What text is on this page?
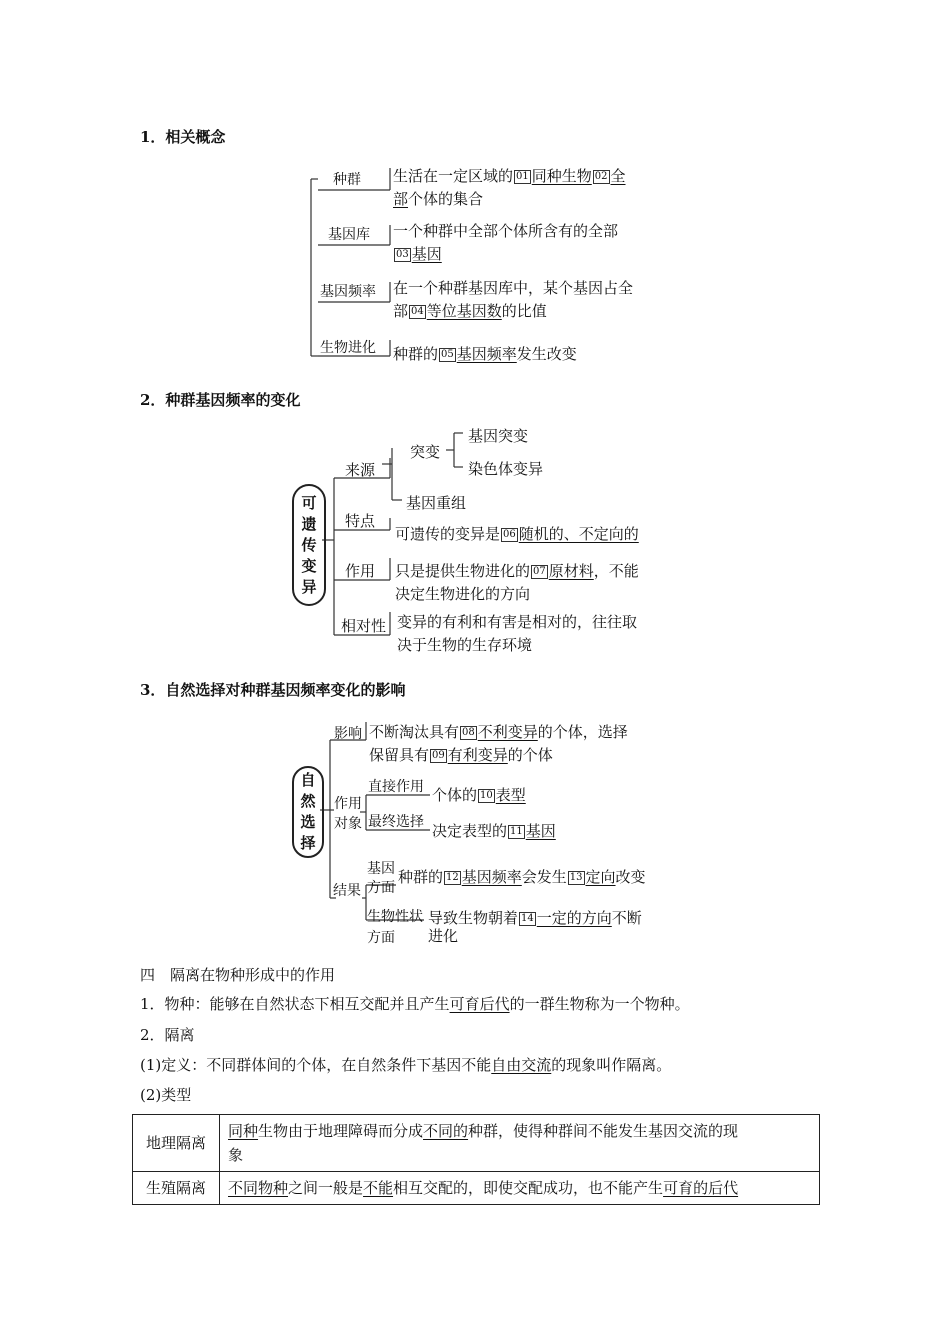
1．相关概念
种群 生活在一定区域的 01 同种生物 02 全
部个体的集合
基因库 一个种群中全部个体所含有的全部
03 基因
基因频率 在一个种群基因库中，某个基因占全
部 04 等位基因数的比值
生物进化 种群的 05 基因频率发生改变
2．种群基因频率的变化
可
遗
传
变
异
来源
突变
基因突变
染色体变异
基因重组
特点
可遗传的变异是 06 随机的、不定向的
作用 只是提供生物进化的 07 原材料，不能
决定生物进化的方向
相对性 变异的有利和有害是相对的，往往取
决于生物的生存环境
3．自然选择对种群基因频率变化的影响
自
然
选
择
影响 不断淘汰具有 08 不利变异的个体，选择
保留具有 09 有利变异的个体
作用
对象
直接作用 个体的 10 表型
最终选择 决定表型的 11 基因
结果
基因
方面
种群的 12 基因频率会发生 13 定向改变
生物性状
方面
导致生物朝着 14 一定的方向不断
进化
四　隔离在物种形成中的作用
1．物种：能够在自然状态下相互交配并且产生可育后代的一群生物称为一个物种。
2．隔离
(1)定义：不同群体间的个体，在自然条件下基因不能自由交流的现象叫作隔离。
(2)类型
地理隔离	同种生物由于地理障碍而分成不同的种群，使得种群间不能发生基因交流的现
象
生殖隔离	不同物种之间一般是不能相互交配的，即使交配成功，也不能产生可育的后代
